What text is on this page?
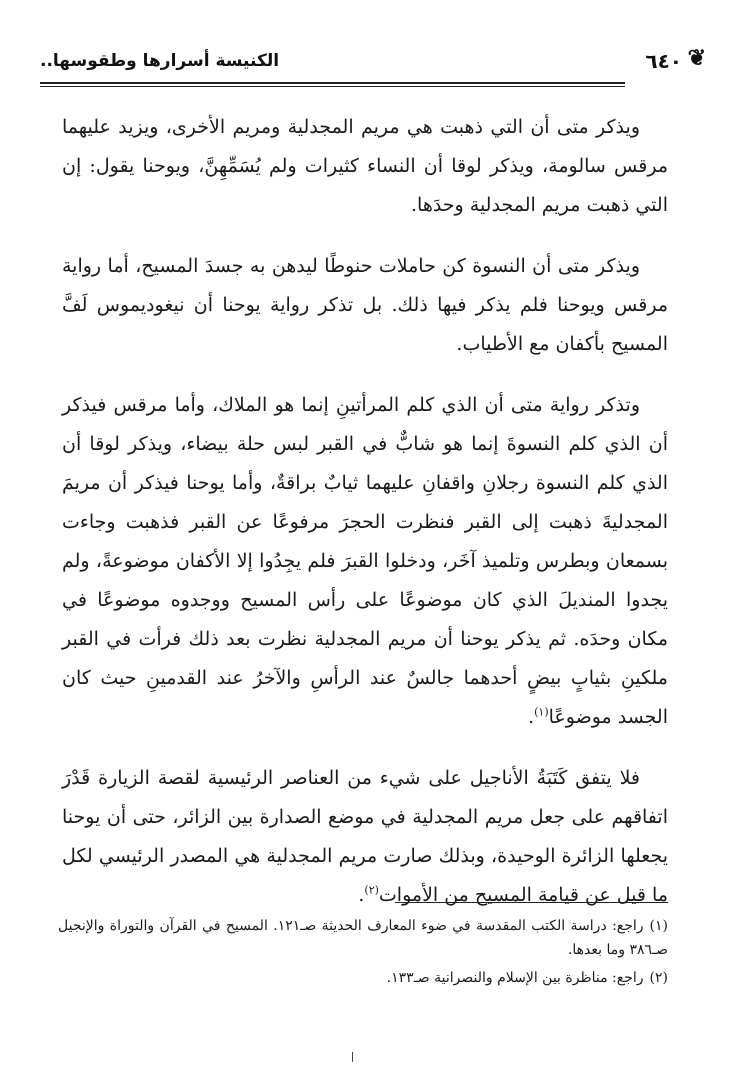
❦
٦٤٠
الكنيسة أسرارها وطقوسها..

ويذكر متى أن التي ذهبت هي مريم المجدلية ومريم الأخرى، ويزيد عليهما مرقس سالومة، ويذكر لوقا أن النساء كثيرات ولم يُسَمِّهِنَّ، ويوحنا يقول: إن التي ذهبت مريم المجدلية وحدَها.

ويذكر متى أن النسوة كن حاملات حنوطًا ليدهن به جسدَ المسيح، أما رواية مرقس ويوحنا فلم يذكر فيها ذلك. بل تذكر رواية يوحنا أن نيغوديموس لَفَّ المسيح بأكفان مع الأطياب.

وتذكر رواية متى أن الذي كلم المرأتينِ إنما هو الملاك، وأما مرقس فيذكر أن الذي كلم النسوةَ إنما هو شابٌّ في القبر لبس حلة بيضاء، ويذكر لوقا أن الذي كلم النسوة رجلانِ واقفانِ عليهما ثيابٌ براقةٌ، وأما يوحنا فيذكر أن مريمَ المجدليةَ ذهبت إلى القبر فنظرت الحجرَ مرفوعًا عن القبر فذهبت وجاءت بسمعان وبطرس وتلميذ آخَر، ودخلوا القبرَ فلم يجِدُوا إلا الأكفان موضوعةً، ولم يجدوا المنديلَ الذي كان موضوعًا على رأس المسيح ووجدوه موضوعًا في مكان وحدَه. ثم يذكر يوحنا أن مريم المجدلية نظرت بعد ذلك فرأت في القبر ملكينِ بثيابٍ بيضٍ أحدهما جالسٌ عند الرأسِ والآخرُ عند القدمينِ حيث كان الجسد موضوعًا$^{(١)}$.

فلا يتفق كَتَبَةُ الأناجيل على شيء من العناصر الرئيسية لقصة الزيارة قَدْرَ اتفاقهم على جعل مريم المجدلية في موضع الصدارة بين الزائر، حتى أن يوحنا يجعلها الزائرة الوحيدة، وبذلك صارت مريم المجدلية هي المصدر الرئيسي لكل ما قيل عن قيامة المسيح من الأموات$^{(٢)}$.

(١)راجع: دراسة الكتب المقدسة في ضوء المعارف الحديثة صـ١٢١. المسيح في القرآن والتوراة والإنجيل صـ٣٨٦ وما بعدها.
(٢)راجع: مناظرة بين الإسلام والنصرانية صـ١٣٣.
